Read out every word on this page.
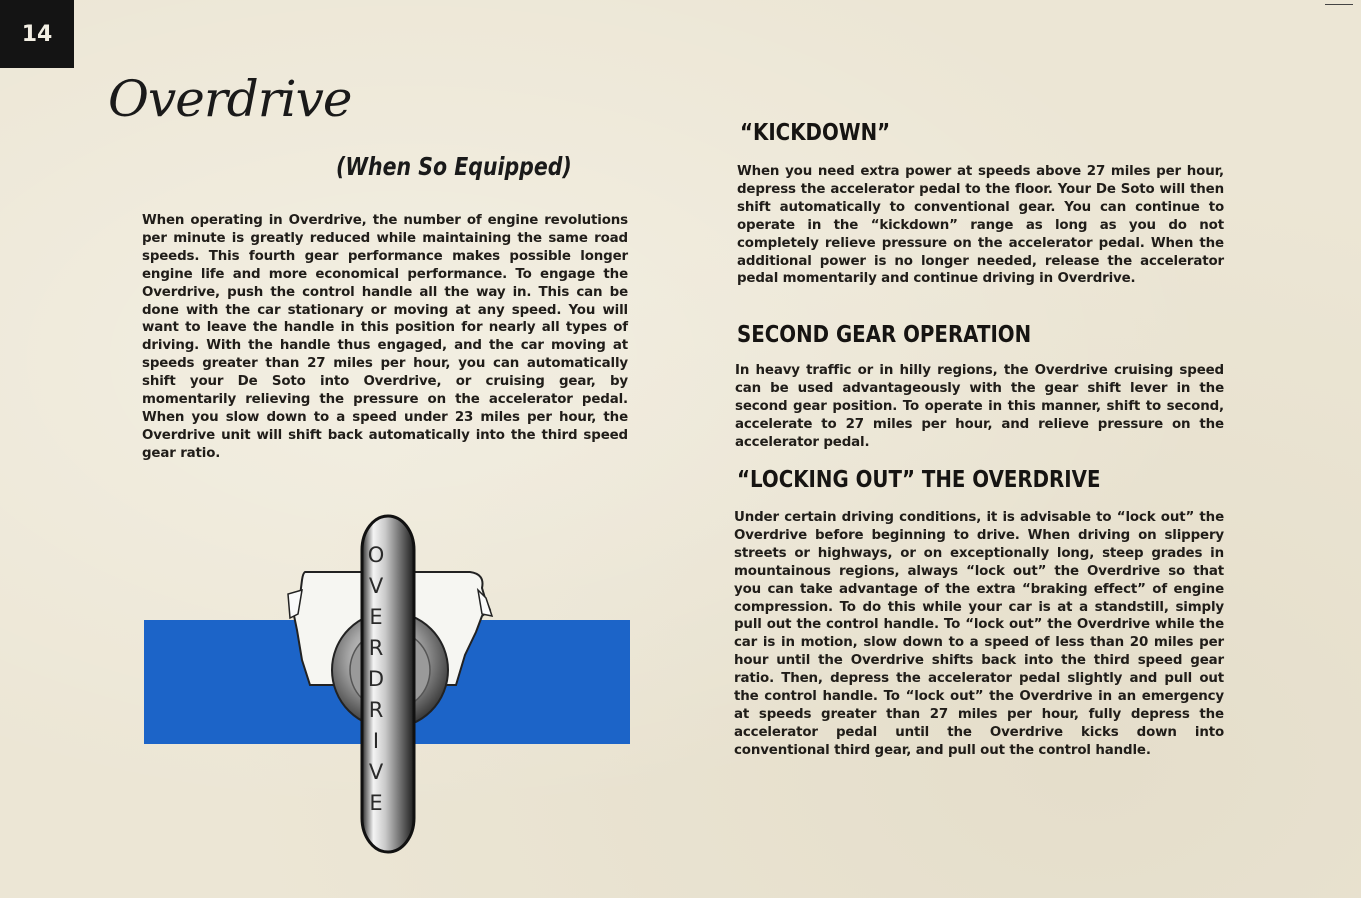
14
Overdrive
(When So Equipped)

When operating in Overdrive, the number of engine revolutions per minute is greatly reduced while maintaining the same road speeds. This fourth gear performance makes possible longer engine life and more economical performance. To engage the Overdrive, push the control handle all the way in. This can be done with the car stationary or moving at any speed. You will want to leave the handle in this position for nearly all types of driving. With the handle thus engaged, and the car moving at speeds greater than 27 miles per hour, you can automatically shift your De Soto into Overdrive, or cruising gear, by momentarily relieving the pressure on the accelerator pedal. When you slow down to a speed under 23 miles per hour, the Overdrive unit will shift back automatically into the third speed gear ratio.

“KICKDOWN”

When you need extra power at speeds above 27 miles per hour, depress the accelerator pedal to the floor. Your De Soto will then shift automatically to conventional gear. You can continue to operate in the “kickdown” range as long as you do not completely relieve pressure on the accelerator pedal. When the additional power is no longer needed, release the accelerator pedal momentarily and continue driving in Overdrive.

SECOND GEAR OPERATION

In heavy traffic or in hilly regions, the Overdrive cruising speed can be used advantageously with the gear shift lever in the second gear position. To operate in this manner, shift to second, accelerate to 27 miles per hour, and relieve pressure on the accelerator pedal.

“LOCKING OUT” THE OVERDRIVE

Under certain driving conditions, it is advisable to “lock out” the Overdrive before beginning to drive. When driving on slippery streets or highways, or on exceptionally long, steep grades in mountainous regions, always “lock out” the Overdrive so that you can take advantage of the extra “braking effect” of engine compression. To do this while your car is at a standstill, simply pull out the control handle. To “lock out” the Overdrive while the car is in motion, slow down to a speed of less than 20 miles per hour until the Overdrive shifts back into the third speed gear ratio. Then, depress the accelerator pedal slightly and pull out the control handle. To “lock out” the Overdrive in an emergency at speeds greater than 27 miles per hour, fully depress the accelerator pedal until the Overdrive kicks down into conventional third gear, and pull out the control handle.

O
V
E
R
D
R
I
V
E
